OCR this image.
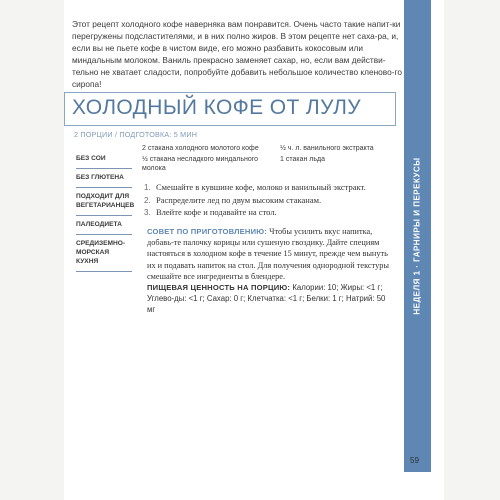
Этот рецепт холодного кофе наверняка вам понравится. Очень часто такие напит-ки перегружены подсластителями, и в них полно жиров. В этом рецепте нет саха-ра, и, если вы не пьете кофе в чистом виде, его можно разбавить кокосовым или миндальным молоком. Ваниль прекрасно заменяет сахар, но, если вам действи-тельно не хватает сладости, попробуйте добавить небольшое количество кленово-го сиропа!

НЕДЕЛЯ 1 · ГАРНИРЫ И ПЕРЕКУСЫ
ХОЛОДНЫЙ КОФЕ ОТ ЛУЛУ
2 ПОРЦИИ / ПОДГОТОВКА: 5 МИН
БЕЗ СОИ
БЕЗ ГЛЮТЕНА
ПОДХОДИТ ДЛЯ ВЕГЕТАРИАНЦЕВ
ПАЛЕОДИЕТА
СРЕДИЗЕМНО-МОРСКАЯ КУХНЯ
2 стакана холодного молотого кофе
½ стакана несладкого миндального молока
½ ч. л. ванильного экстракта
1 стакан льда
1. Смешайте в кувшине кофе, молоко и ванильный экстракт.
2. Распределите лед по двум высоким стаканам.
3. Влейте кофе и подавайте на стол.
СОВЕТ ПО ПРИГОТОВЛЕНИЮ: Чтобы усилить вкус напитка, добавь-те палочку корицы или сушеную гвоздику. Дайте специям настояться в холодном кофе в течение 15 минут, прежде чем вынуть их и подавать напиток на стол. Для получения однородной текстуры смешайте все ингредиенты в блендере.
ПИЩЕВАЯ ЦЕННОСТЬ НА ПОРЦИЮ: Калории: 10; Жиры: <1 г; Углево-ды: <1 г; Сахар: 0 г; Клетчатка: <1 г; Белки: 1 г; Натрий: 50 мг
59
